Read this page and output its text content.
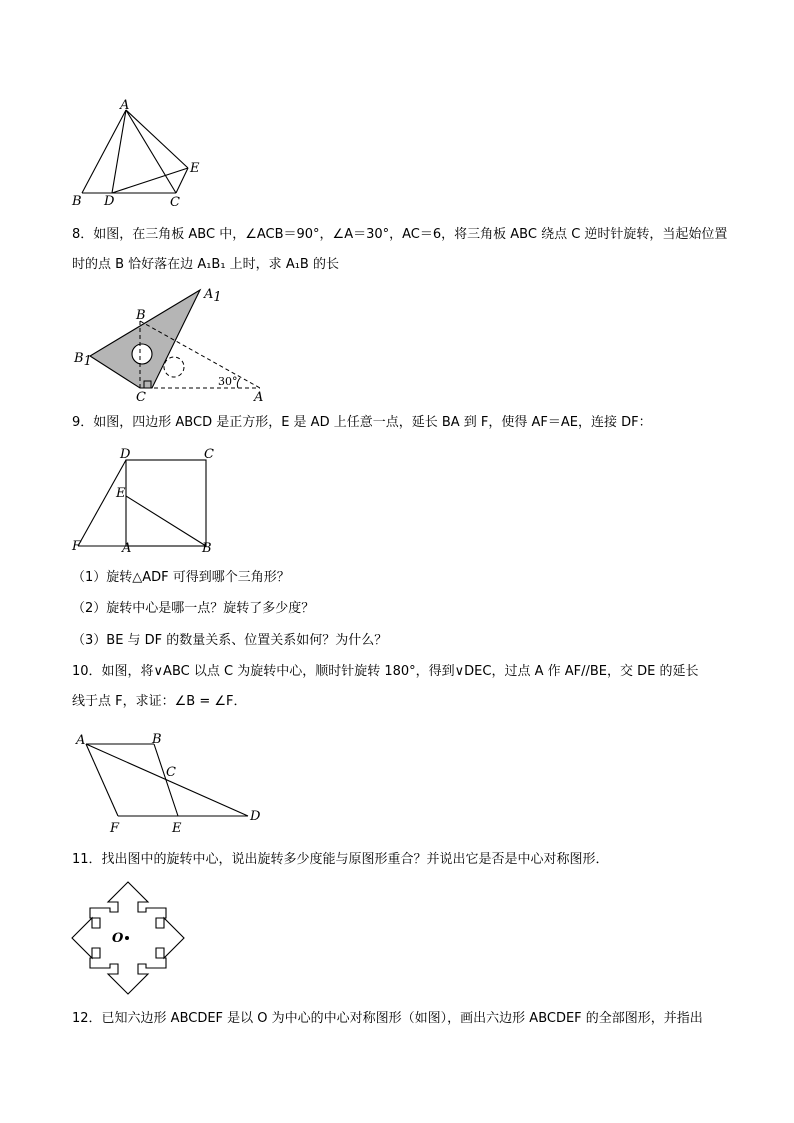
A
B D	C
E
8．如图，在三角板 ABC 中，∠ACB＝90°，∠A＝30°，AC＝6，将三角板 ABC 绕点 C 逆时针旋转，当起始位置
时的点 B 恰好落在边 A₁B₁ 上时，求 A₁B 的长
A1
B
B1
C	A
30°
9．如图，四边形 ABCD 是正方形，E 是 AD 上任意一点，延长 BA 到 F，使得 AF＝AE，连接 DF：
D	C
E
F	A	B
（1）旋转△ADF 可得到哪个三角形？
（2）旋转中心是哪一点？旋转了多少度？
（3）BE 与 DF 的数量关系、位置关系如何？为什么？
10．如图，将∨ABC 以点 C 为旋转中心，顺时针旋转 180°，得到∨DEC，过点 A 作 AF//BE，交 DE 的延长
线于点 F，求证：∠B = ∠F．
A	B
C
D
F	E
11．找出图中的旋转中心，说出旋转多少度能与原图形重合？并说出它是否是中心对称图形．
O
12．已知六边形 ABCDEF 是以 O 为中心的中心对称图形（如图），画出六边形 ABCDEF 的全部图形，并指出
